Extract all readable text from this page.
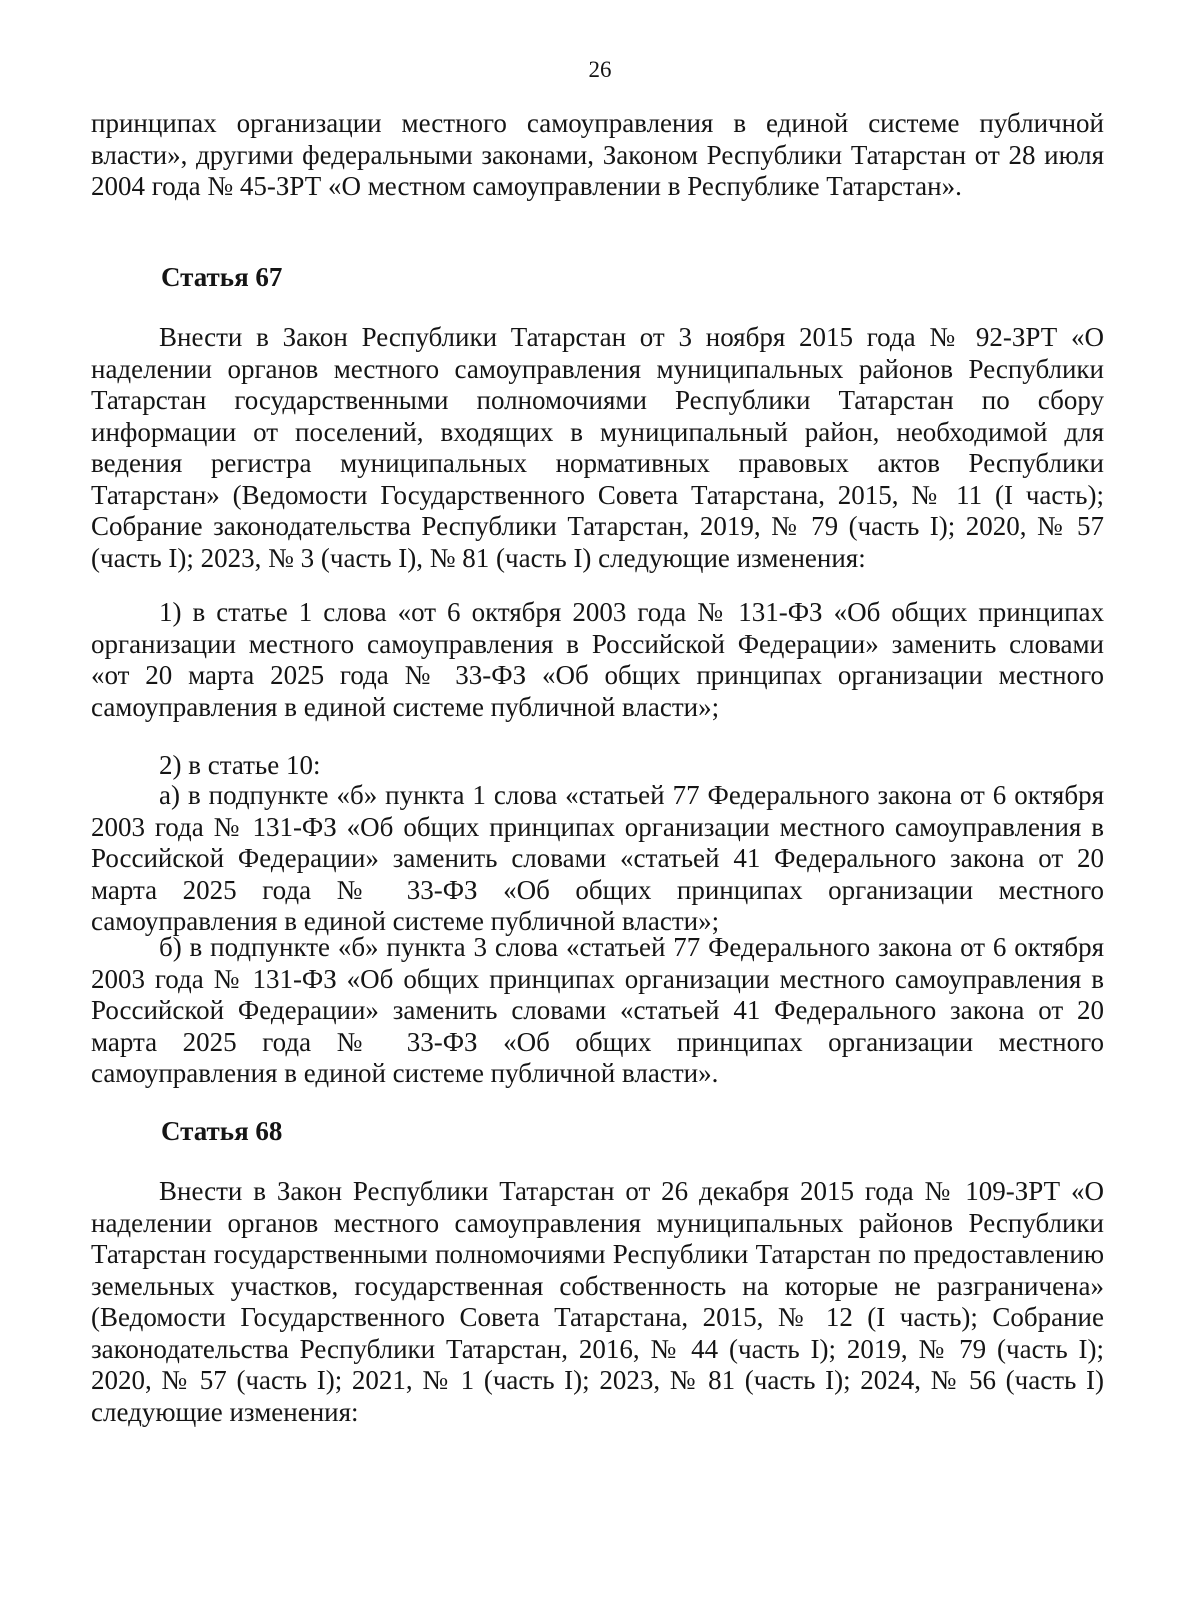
26

принципах организации местного самоуправления в единой системе публичной власти», другими федеральными законами, Законом Республики Татарстан от 28 июля 2004 года № 45-ЗРТ «О местном самоуправлении в Республике Татарстан».

Статья 67

Внести в Закон Республики Татарстан от 3 ноября 2015 года № 92-ЗРТ «О наделении органов местного самоуправления муниципальных районов Республики Татарстан государственными полномочиями Республики Татарстан по сбору информации от поселений, входящих в муниципальный район, необходимой для ведения регистра муниципальных нормативных правовых актов Республики Татарстан» (Ведомости Государственного Совета Татарстана, 2015, № 11 (I часть); Собрание законодательства Республики Татарстан, 2019, № 79 (часть I); 2020, № 57 (часть I); 2023, № 3 (часть I), № 81 (часть I) следующие изменения:

1) в статье 1 слова «от 6 октября 2003 года № 131-ФЗ «Об общих принципах организации местного самоуправления в Российской Федерации» заменить словами «от 20 марта 2025 года № 33-ФЗ «Об общих принципах организации местного самоуправления в единой системе публичной власти»;

2) в статье 10:

а) в подпункте «б» пункта 1 слова «статьей 77 Федерального закона от 6 октября 2003 года № 131-ФЗ «Об общих принципах организации местного самоуправления в Российской Федерации» заменить словами «статьей 41 Федерального закона от 20 марта 2025 года № 33-ФЗ «Об общих принципах организации местного самоуправления в единой системе публичной власти»;

б) в подпункте «б» пункта 3 слова «статьей 77 Федерального закона от 6 октября 2003 года № 131-ФЗ «Об общих принципах организации местного самоуправления в Российской Федерации» заменить словами «статьей 41 Федерального закона от 20 марта 2025 года № 33-ФЗ «Об общих принципах организации местного самоуправления в единой системе публичной власти».

Статья 68

Внести в Закон Республики Татарстан от 26 декабря 2015 года № 109-ЗРТ «О наделении органов местного самоуправления муниципальных районов Республики Татарстан государственными полномочиями Республики Татарстан по предоставлению земельных участков, государственная собственность на которые не разграничена» (Ведомости Государственного Совета Татарстана, 2015, № 12 (I часть); Собрание законодательства Республики Татарстан, 2016, № 44 (часть I); 2019, № 79 (часть I); 2020, № 57 (часть I); 2021, № 1 (часть I); 2023, № 81 (часть I); 2024, № 56 (часть I) следующие изменения:
